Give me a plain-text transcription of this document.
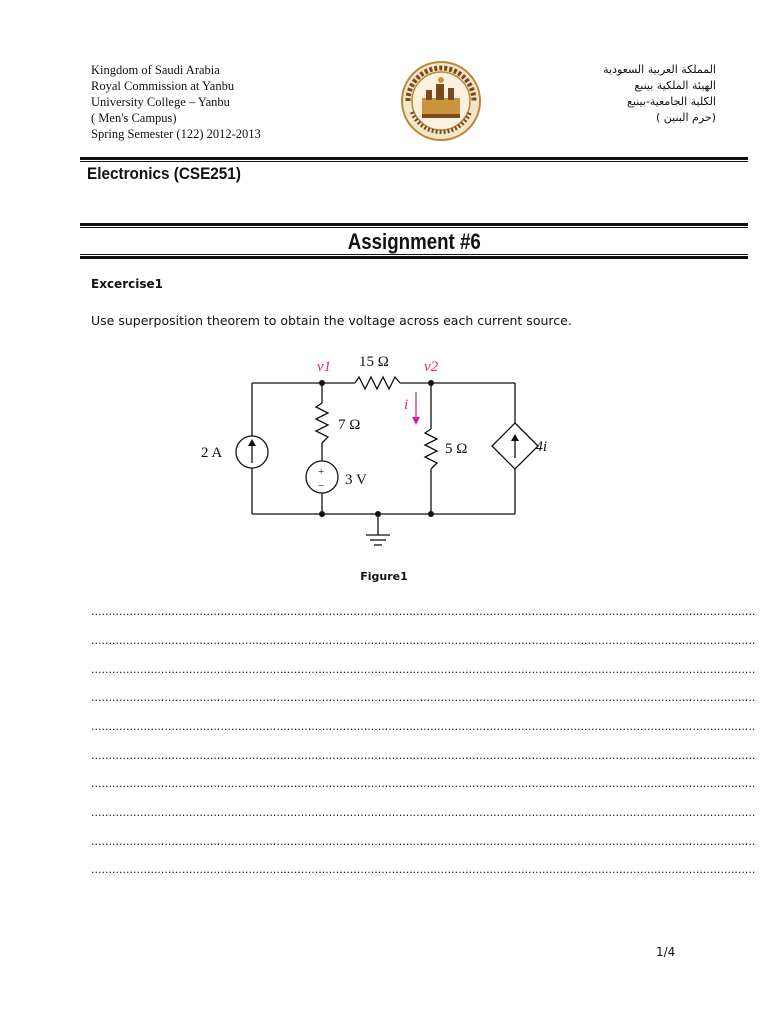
Kingdom of Saudi Arabia
Royal Commission at Yanbu
University College – Yanbu
( Men's Campus)
Spring Semester (122) 2012-2013
المملكة العربية السعودية
الهيئة الملكية بينبع
الكلية الجامعية-بينبع
(حرم البنين )
Electronics (CSE251)
Assignment #6
Excercise1
Use superposition theorem to obtain the voltage across each current source.
v1	v2
15 Ω
7 Ω
5 Ω
3 V
2 A	4i
i
+
−
Figure1
..............................................................................................................................................................................................
..............................................................................................................................................................................................
..............................................................................................................................................................................................
..............................................................................................................................................................................................
..............................................................................................................................................................................................
..............................................................................................................................................................................................
..............................................................................................................................................................................................
..............................................................................................................................................................................................
..............................................................................................................................................................................................
..............................................................................................................................................................................................
1/4
